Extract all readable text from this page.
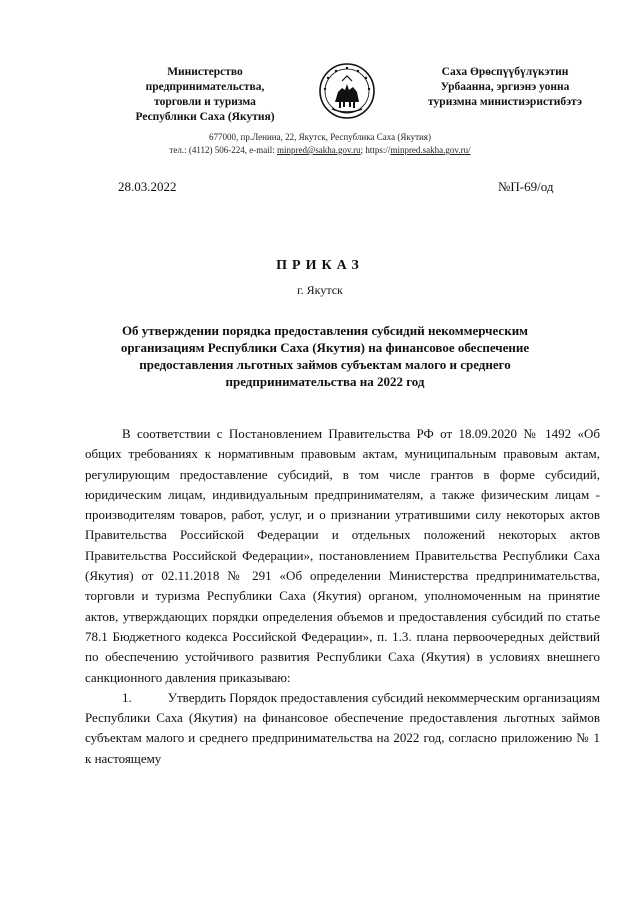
Министерство
предпринимательства,
торговли и туризма
Республики Саха (Якутия)
Саха Өрөспүүбүлүкэтин
Урбаанна, эргиэнэ уонна
туризмна министиэристибэтэ
677000, пр.Ленина, 22, Якутск, Республика Саха (Якутия)
тел.: (4112) 506-224, e-mail: minpred@sakha.gov.ru; https://minpred.sakha.gov.ru/
28.03.2022	№П-69/од
ПРИКАЗ
г. Якутск
Об утверждении порядка предоставления субсидий некоммерческим организациям Республики Саха (Якутия) на финансовое обеспечение предоставления льготных займов субъектам малого и среднего предпринимательства на 2022 год

В соответствии с Постановлением Правительства РФ от 18.09.2020 № 1492 «Об общих требованиях к нормативным правовым актам, муниципальным правовым актам, регулирующим предоставление субсидий, в том числе грантов в форме субсидий, юридическим лицам, индивидуальным предпринимателям, а также физическим лицам - производителям товаров, работ, услуг, и о признании утратившими силу некоторых актов Правительства Российской Федерации и отдельных положений некоторых актов Правительства Российской Федерации», постановлением Правительства Республики Саха (Якутия) от 02.11.2018 № 291 «Об определении Министерства предпринимательства, торговли и туризма Республики Саха (Якутия) органом, уполномоченным на принятие актов, утверждающих порядки определения объемов и предоставления субсидий по статье 78.1 Бюджетного кодекса Российской Федерации», п. 1.3. плана первоочередных действий по обеспечению устойчивого развития Республики Саха (Якутия) в условиях внешнего санкционного давления приказываю:

1.	Утвердить Порядок предоставления субсидий некоммерческим организациям Республики Саха (Якутия) на финансовое обеспечение предоставления льготных займов субъектам малого и среднего предпринимательства на 2022 год, согласно приложению № 1 к настоящему
